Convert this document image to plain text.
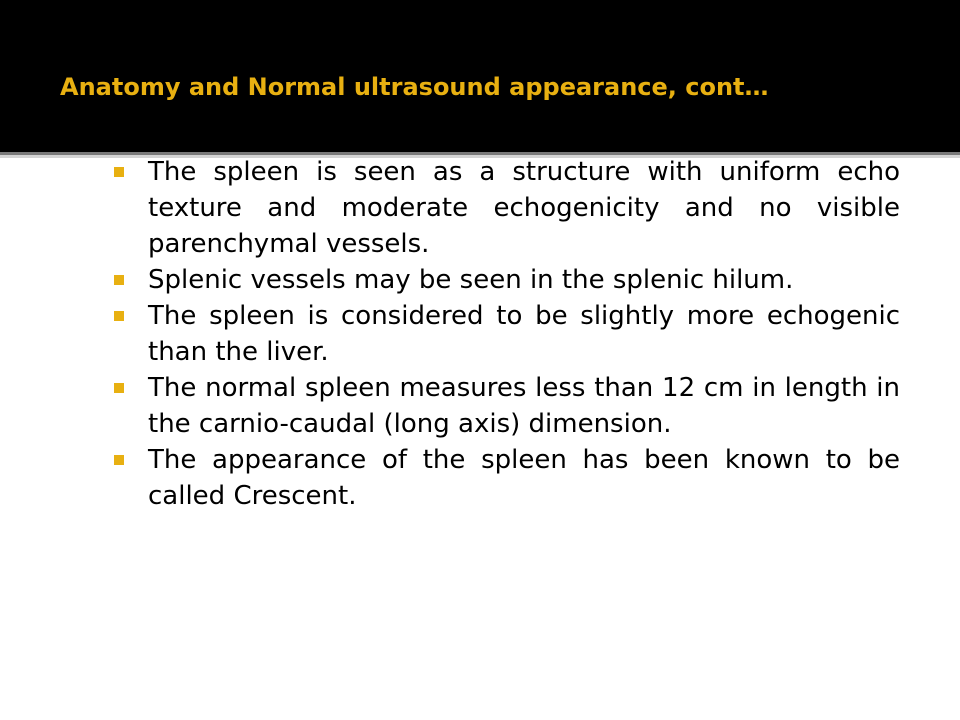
Anatomy and Normal ultrasound appearance, cont…
The spleen is seen as a structure with uniform echo texture and moderate echogenicity and no visible parenchymal vessels.
Splenic vessels may be seen in the splenic hilum.
The spleen is considered to be slightly more echogenic than the liver.
The normal spleen measures less than 12 cm in length in the carnio-caudal (long axis) dimension.
The appearance of the spleen has been known to be called Crescent.
